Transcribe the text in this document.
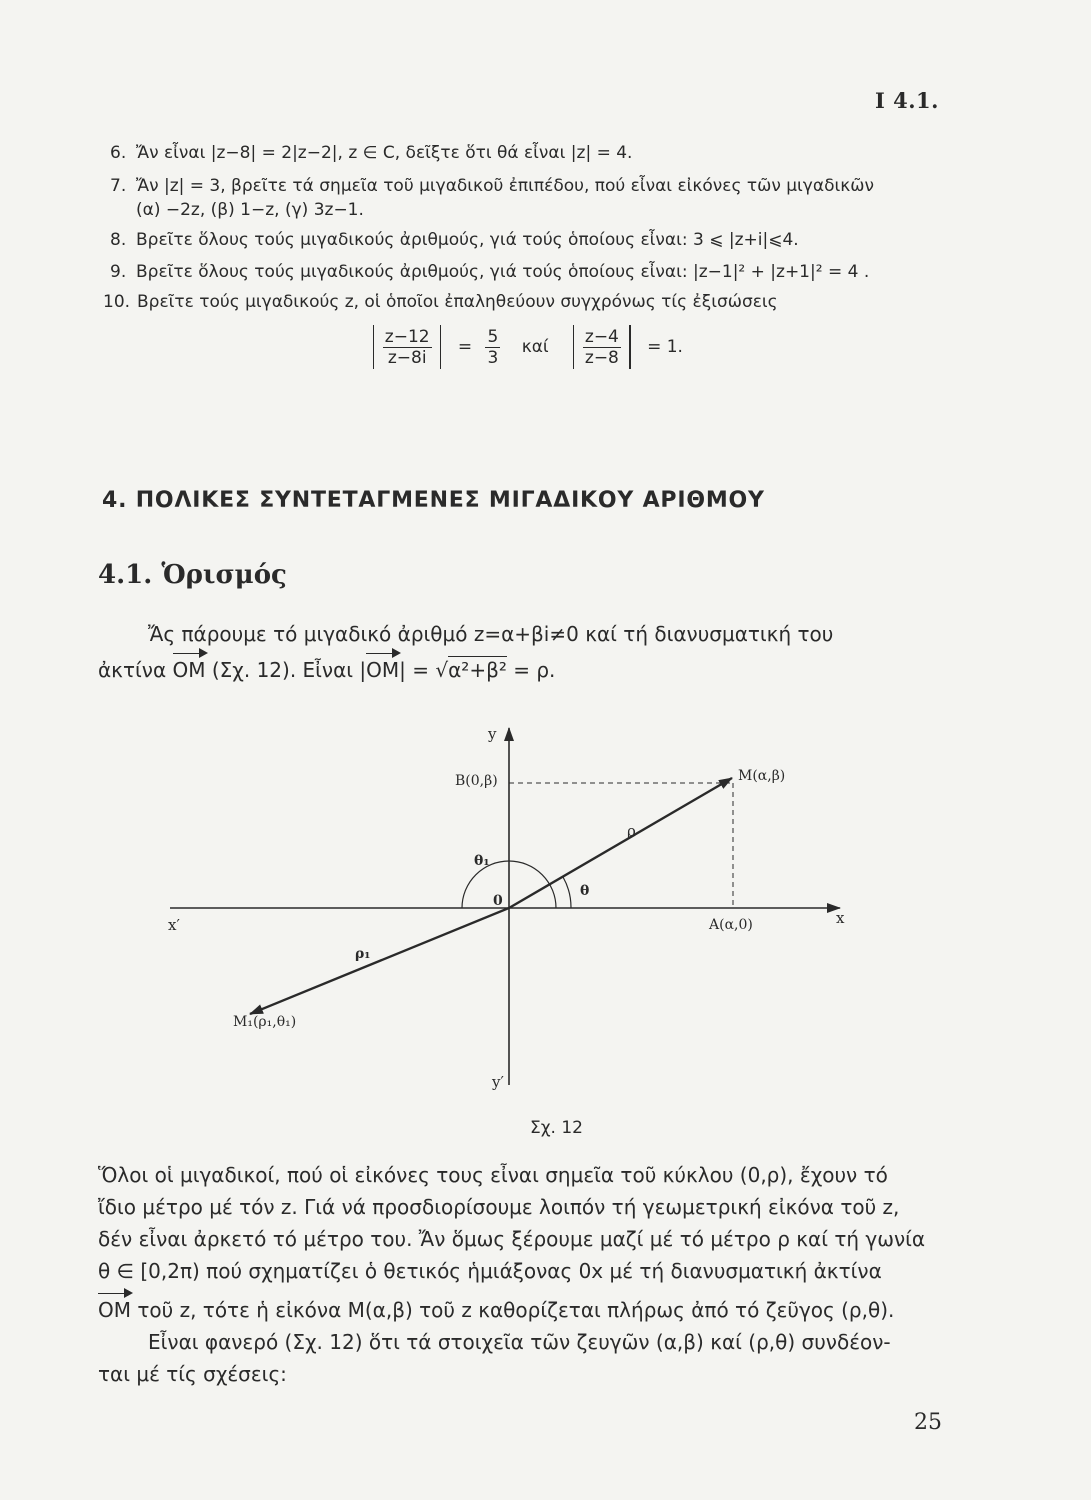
I 4.1.
6. Ἄν εἶναι |z−8| = 2|z−2|, z ∈ C, δεῖξτε ὅτι θά εἶναι |z| = 4.
7. Ἄν |z| = 3, βρεῖτε τά σημεῖα τοῦ μιγαδικοῦ ἐπιπέδου, πού εἶναι εἰκόνες τῶν μιγαδικῶν
(α) −2z, (β) 1−z, (γ) 3z−1.
8. Βρεῖτε ὅλους τούς μιγαδικούς ἀριθμούς, γιά τούς ὁποίους εἶναι: 3 ⩽ |z+i|⩽4.
9. Βρεῖτε ὅλους τούς μιγαδικούς ἀριθμούς, γιά τούς ὁποίους εἶναι: |z−1|² + |z+1|² = 4 .
10. Βρεῖτε τούς μιγαδικούς z, οἱ ὁποῖοι ἐπαληθεύουν συγχρόνως τίς ἐξισώσεις

$\frac{z-12}{z-8i} = \frac{5}{3}$ καί $\frac{z-4}{z-8} = 1$.
4. ΠΟΛΙΚΕΣ ΣΥΝΤΕΤΑΓΜΕΝΕΣ ΜΙΓΑΔΙΚΟΥ ΑΡΙΘΜΟΥ
4.1. Ὁρισμός
Ἄς πάρουμε τό μιγαδικό ἀριθμό z=α+βi≠0 καί τή διανυσματική του
ἀκτίνα OM (Σχ. 12). Εἶναι |OM| = √α²+β² = ρ.
y
y′
x
x′
B(0,β)	M(α,β)
ρ
θ₁
θ
0
A(α,0)
ρ₁
M₁(ρ₁,θ₁)
Σχ. 12
Ὅλοι οἱ μιγαδικοί, πού οἱ εἰκόνες τους εἶναι σημεῖα τοῦ κύκλου (0,ρ), ἔχουν τό
ἴδιο μέτρο μέ τόν z. Γιά νά προσδιορίσουμε λοιπόν τή γεωμετρική εἰκόνα τοῦ z,
δέν εἶναι ἀρκετό τό μέτρο του. Ἄν ὅμως ξέρουμε μαζί μέ τό μέτρο ρ καί τή γωνία
θ ∈ [0,2π) πού σχηματίζει ὁ θετικός ἡμιάξονας 0x μέ τή διανυσματική ἀκτίνα
OM τοῦ z, τότε ἡ εἰκόνα M(α,β) τοῦ z καθορίζεται πλήρως ἀπό τό ζεῦγος (ρ,θ).
Εἶναι φανερό (Σχ. 12) ὅτι τά στοιχεῖα τῶν ζευγῶν (α,β) καί (ρ,θ) συνδέον-
ται μέ τίς σχέσεις:
25
